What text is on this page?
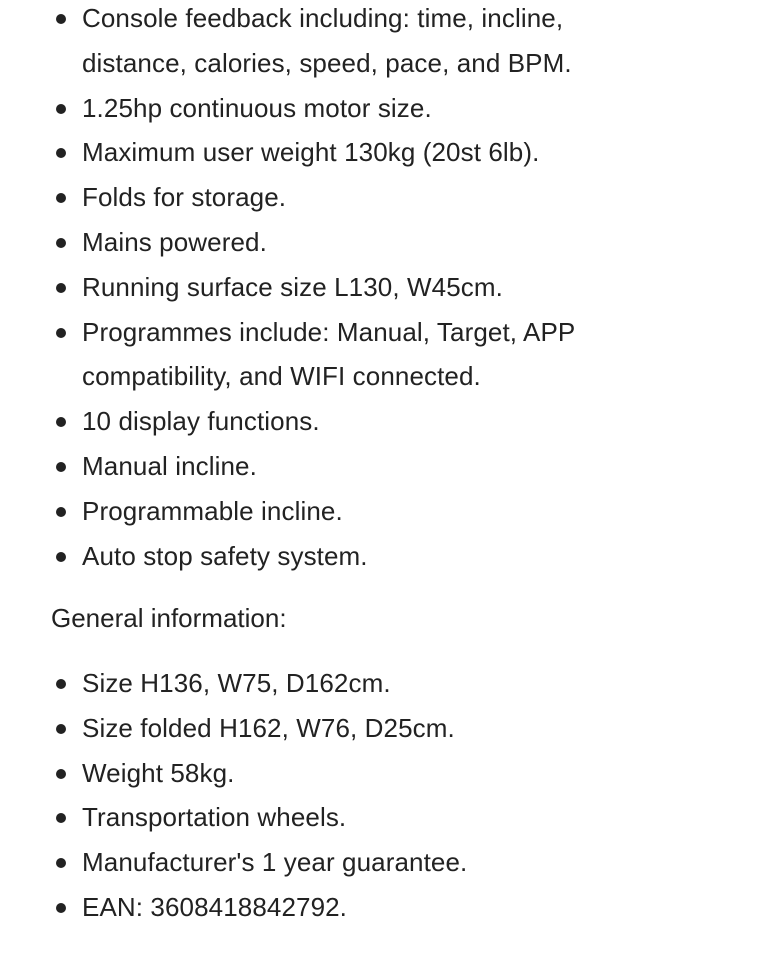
Console feedback including: time, incline, distance, calories, speed, pace, and BPM.
1.25hp continuous motor size.
Maximum user weight 130kg (20st 6lb).
Folds for storage.
Mains powered.
Running surface size L130, W45cm.
Programmes include: Manual, Target, APP compatibility, and WIFI connected.
10 display functions.
Manual incline.
Programmable incline.
Auto stop safety system.

General information:

Size H136, W75, D162cm.
Size folded H162, W76, D25cm.
Weight 58kg.
Transportation wheels.
Manufacturer's 1 year guarantee.
EAN: 3608418842792.
